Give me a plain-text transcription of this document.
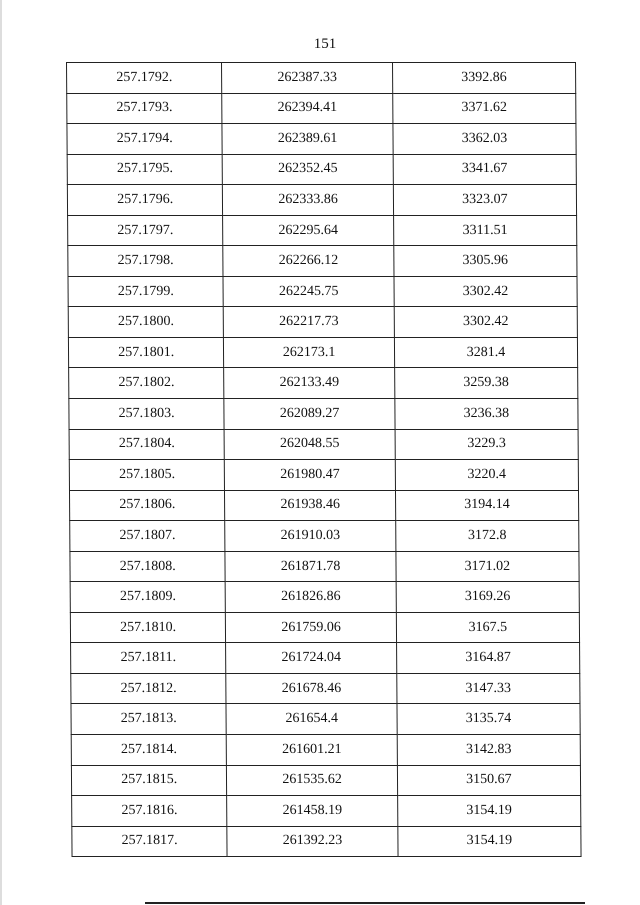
151
257.1792.	262387.33	3392.86
257.1793.	262394.41	3371.62
257.1794.	262389.61	3362.03
257.1795.	262352.45	3341.67
257.1796.	262333.86	3323.07
257.1797.	262295.64	3311.51
257.1798.	262266.12	3305.96
257.1799.	262245.75	3302.42
257.1800.	262217.73	3302.42
257.1801.	262173.1	3281.4
257.1802.	262133.49	3259.38
257.1803.	262089.27	3236.38
257.1804.	262048.55	3229.3
257.1805.	261980.47	3220.4
257.1806.	261938.46	3194.14
257.1807.	261910.03	3172.8
257.1808.	261871.78	3171.02
257.1809.	261826.86	3169.26
257.1810.	261759.06	3167.5
257.1811.	261724.04	3164.87
257.1812.	261678.46	3147.33
257.1813.	261654.4	3135.74
257.1814.	261601.21	3142.83
257.1815.	261535.62	3150.67
257.1816.	261458.19	3154.19
257.1817.	261392.23	3154.19
